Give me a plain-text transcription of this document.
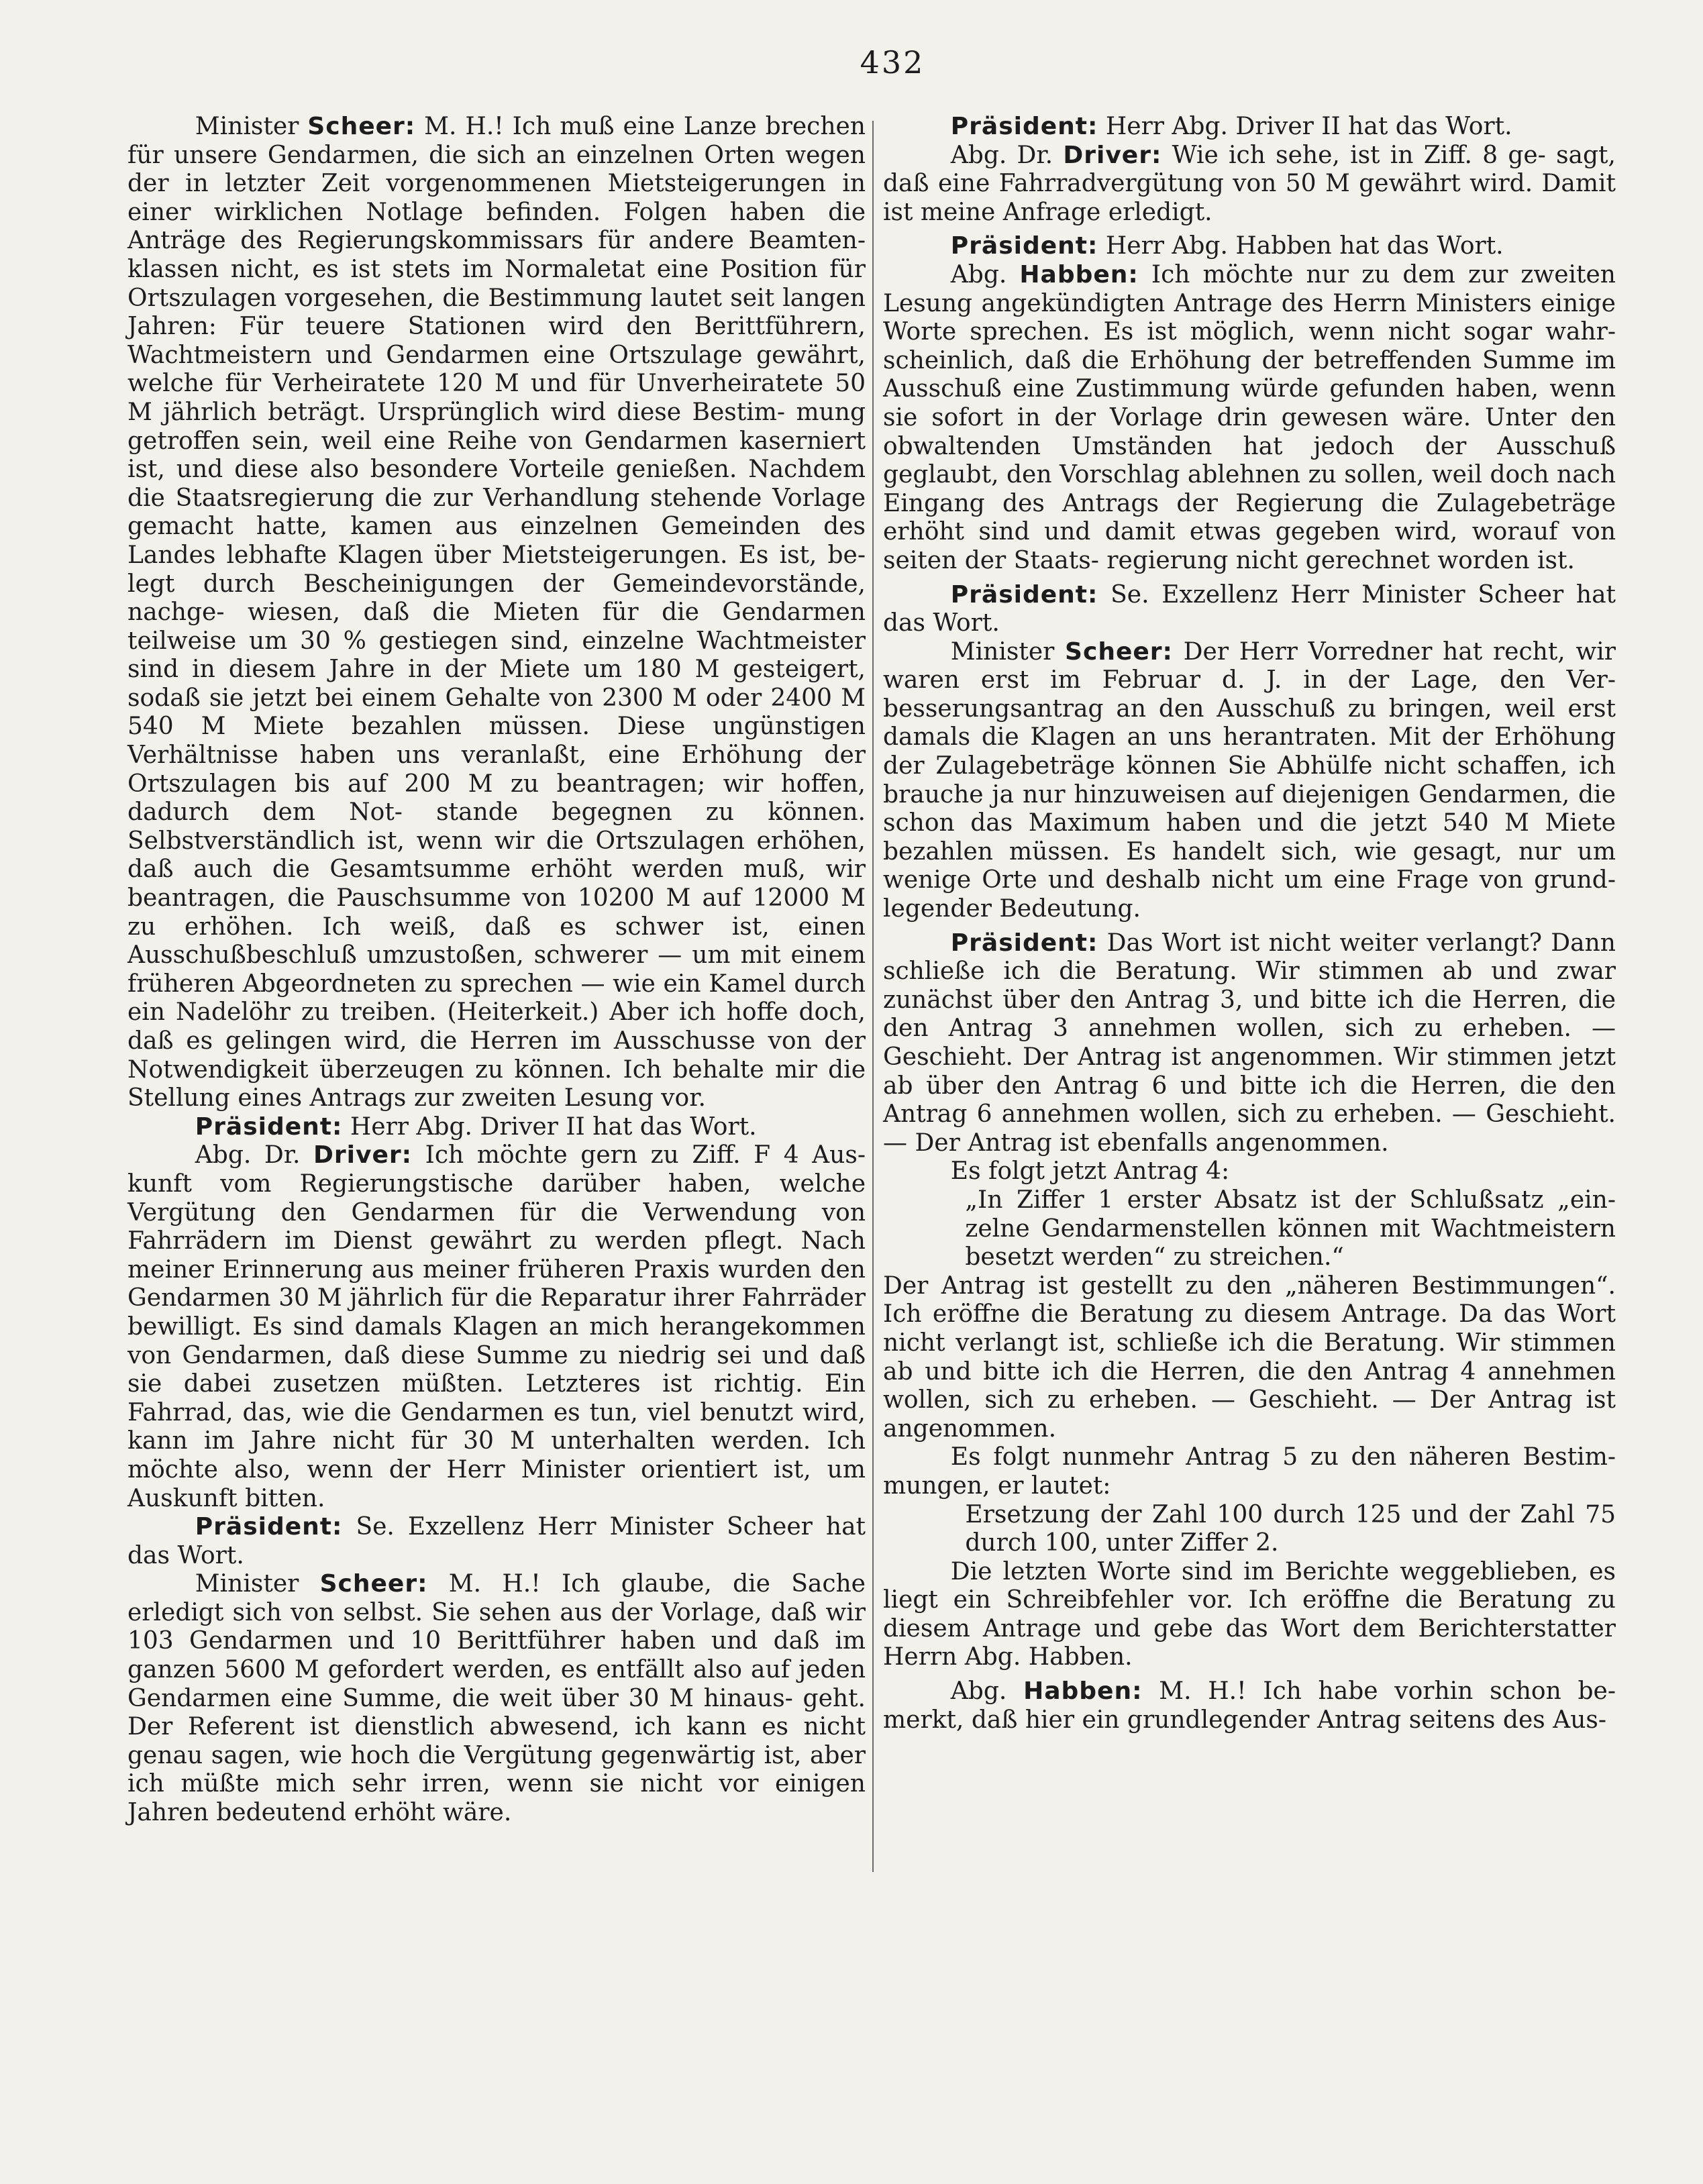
432

Minister Scheer: M. H.! Ich muß eine Lanze brechen für unsere Gendarmen, die sich an einzelnen Orten wegen der in letzter Zeit vorgenommenen Mietsteigerungen in einer wirklichen Notlage befinden. Folgen haben die Anträge des Regierungskommissars für andere Beamten- klassen nicht, es ist stets im Normaletat eine Position für Ortszulagen vorgesehen, die Bestimmung lautet seit langen Jahren: Für teuere Stationen wird den Berittführern, Wachtmeistern und Gendarmen eine Ortszulage gewährt, welche für Verheiratete 120 M und für Unverheiratete 50 M jährlich beträgt. Ursprünglich wird diese Bestim- mung getroffen sein, weil eine Reihe von Gendarmen kaserniert ist, und diese also besondere Vorteile genießen. Nachdem die Staatsregierung die zur Verhandlung stehende Vorlage gemacht hatte, kamen aus einzelnen Gemeinden des Landes lebhafte Klagen über Mietsteigerungen. Es ist, be- legt durch Bescheinigungen der Gemeindevorstände, nachge- wiesen, daß die Mieten für die Gendarmen teilweise um 30 % gestiegen sind, einzelne Wachtmeister sind in diesem Jahre in der Miete um 180 M gesteigert, sodaß sie jetzt bei einem Gehalte von 2300 M oder 2400 M 540 M Miete bezahlen müssen. Diese ungünstigen Verhältnisse haben uns veranlaßt, eine Erhöhung der Ortszulagen bis auf 200 M zu beantragen; wir hoffen, dadurch dem Not- stande begegnen zu können. Selbstverständlich ist, wenn wir die Ortszulagen erhöhen, daß auch die Gesamtsumme erhöht werden muß, wir beantragen, die Pauschsumme von 10200 M auf 12000 M zu erhöhen. Ich weiß, daß es schwer ist, einen Ausschußbeschluß umzustoßen, schwerer — um mit einem früheren Abgeordneten zu sprechen — wie ein Kamel durch ein Nadelöhr zu treiben. (Heiterkeit.) Aber ich hoffe doch, daß es gelingen wird, die Herren im Ausschusse von der Notwendigkeit überzeugen zu können. Ich behalte mir die Stellung eines Antrags zur zweiten Lesung vor.

Präsident: Herr Abg. Driver II hat das Wort.

Abg. Dr. Driver: Ich möchte gern zu Ziff. F 4 Aus- kunft vom Regierungstische darüber haben, welche Vergütung den Gendarmen für die Verwendung von Fahrrädern im Dienst gewährt zu werden pflegt. Nach meiner Erinnerung aus meiner früheren Praxis wurden den Gendarmen 30 M jährlich für die Reparatur ihrer Fahrräder bewilligt. Es sind damals Klagen an mich herangekommen von Gendarmen, daß diese Summe zu niedrig sei und daß sie dabei zusetzen müßten. Letzteres ist richtig. Ein Fahrrad, das, wie die Gendarmen es tun, viel benutzt wird, kann im Jahre nicht für 30 M unterhalten werden. Ich möchte also, wenn der Herr Minister orientiert ist, um Auskunft bitten.

Präsident: Se. Exzellenz Herr Minister Scheer hat das Wort.

Minister Scheer: M. H.! Ich glaube, die Sache erledigt sich von selbst. Sie sehen aus der Vorlage, daß wir 103 Gendarmen und 10 Berittführer haben und daß im ganzen 5600 M gefordert werden, es entfällt also auf jeden Gendarmen eine Summe, die weit über 30 M hinaus- geht. Der Referent ist dienstlich abwesend, ich kann es nicht genau sagen, wie hoch die Vergütung gegenwärtig ist, aber ich müßte mich sehr irren, wenn sie nicht vor einigen Jahren bedeutend erhöht wäre.

Präsident: Herr Abg. Driver II hat das Wort.

Abg. Dr. Driver: Wie ich sehe, ist in Ziff. 8 ge- sagt, daß eine Fahrradvergütung von 50 M gewährt wird. Damit ist meine Anfrage erledigt.

Präsident: Herr Abg. Habben hat das Wort.

Abg. Habben: Ich möchte nur zu dem zur zweiten Lesung angekündigten Antrage des Herrn Ministers einige Worte sprechen. Es ist möglich, wenn nicht sogar wahr- scheinlich, daß die Erhöhung der betreffenden Summe im Ausschuß eine Zustimmung würde gefunden haben, wenn sie sofort in der Vorlage drin gewesen wäre. Unter den obwaltenden Umständen hat jedoch der Ausschuß geglaubt, den Vorschlag ablehnen zu sollen, weil doch nach Eingang des Antrags der Regierung die Zulagebeträge erhöht sind und damit etwas gegeben wird, worauf von seiten der Staats- regierung nicht gerechnet worden ist.

Präsident: Se. Exzellenz Herr Minister Scheer hat das Wort.

Minister Scheer: Der Herr Vorredner hat recht, wir waren erst im Februar d. J. in der Lage, den Ver- besserungsantrag an den Ausschuß zu bringen, weil erst damals die Klagen an uns herantraten. Mit der Erhöhung der Zulagebeträge können Sie Abhülfe nicht schaffen, ich brauche ja nur hinzuweisen auf diejenigen Gendarmen, die schon das Maximum haben und die jetzt 540 M Miete bezahlen müssen. Es handelt sich, wie gesagt, nur um wenige Orte und deshalb nicht um eine Frage von grund- legender Bedeutung.

Präsident: Das Wort ist nicht weiter verlangt? Dann schließe ich die Beratung. Wir stimmen ab und zwar zunächst über den Antrag 3, und bitte ich die Herren, die den Antrag 3 annehmen wollen, sich zu erheben. — Geschieht. Der Antrag ist angenommen. Wir stimmen jetzt ab über den Antrag 6 und bitte ich die Herren, die den Antrag 6 annehmen wollen, sich zu erheben. — Geschieht. — Der Antrag ist ebenfalls angenommen.

Es folgt jetzt Antrag 4:

„In Ziffer 1 erster Absatz ist der Schlußsatz „ein- zelne Gendarmenstellen können mit Wachtmeistern besetzt werden“ zu streichen.“

Der Antrag ist gestellt zu den „näheren Bestimmungen“. Ich eröffne die Beratung zu diesem Antrage. Da das Wort nicht verlangt ist, schließe ich die Beratung. Wir stimmen ab und bitte ich die Herren, die den Antrag 4 annehmen wollen, sich zu erheben. — Geschieht. — Der Antrag ist angenommen.

Es folgt nunmehr Antrag 5 zu den näheren Bestim- mungen, er lautet:

Ersetzung der Zahl 100 durch 125 und der Zahl 75 durch 100, unter Ziffer 2.

Die letzten Worte sind im Berichte weggeblieben, es liegt ein Schreibfehler vor. Ich eröffne die Beratung zu diesem Antrage und gebe das Wort dem Berichterstatter Herrn Abg. Habben.

Abg. Habben: M. H.! Ich habe vorhin schon be- merkt, daß hier ein grundlegender Antrag seitens des Aus-
